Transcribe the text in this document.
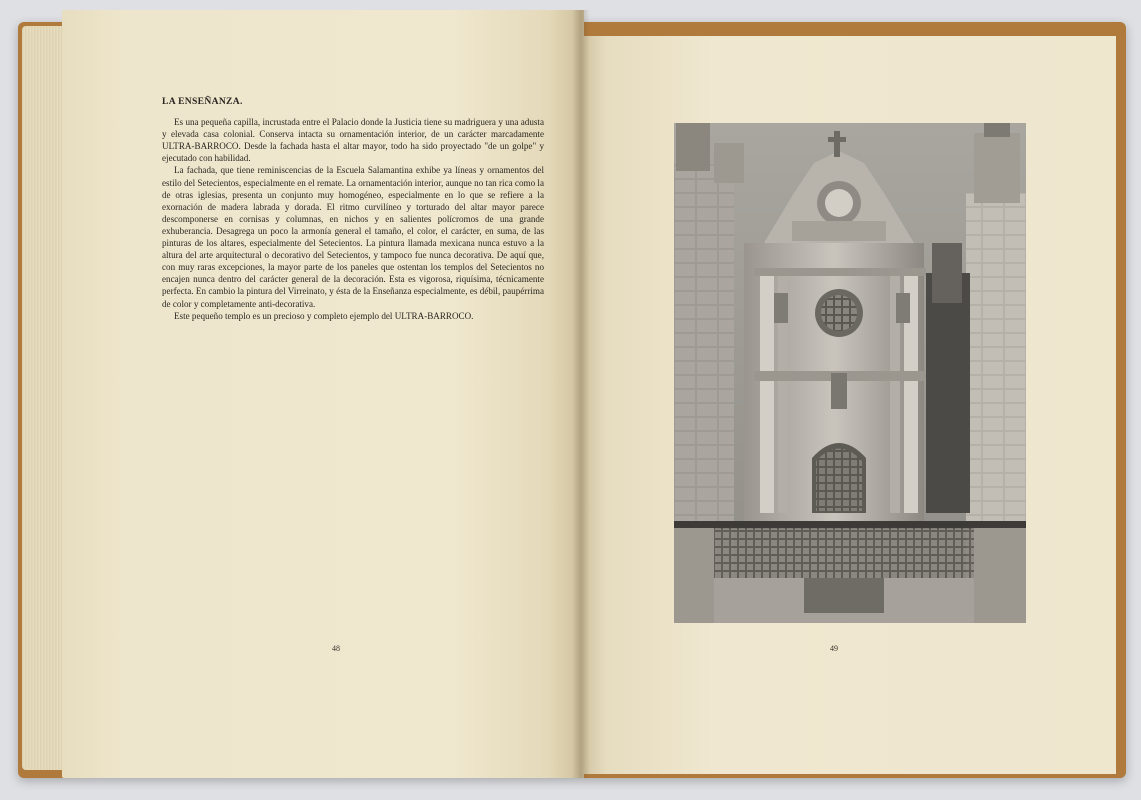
LA ENSEÑANZA.

Es una pequeña capilla, incrustada entre el Palacio donde la Justicia tiene su madriguera y una adusta y elevada casa colonial. Conserva intacta su ornamentación interior, de un carácter marcadamente ULTRA-BARROCO. Desde la fachada hasta el altar mayor, todo ha sido proyectado "de un golpe" y ejecutado con habilidad.

La fachada, que tiene reminiscencias de la Escuela Salamantina exhibe ya líneas y ornamentos del estilo del Setecientos, especialmente en el remate. La ornamentación interior, aunque no tan rica como la de otras iglesias, presenta un conjunto muy homogéneo, especialmente en lo que se refiere a la exornación de madera labrada y dorada. El ritmo curvilíneo y torturado del altar mayor parece descomponerse en cornisas y columnas, en nichos y en salientes polícromos de una grande exhuberancia. Desagrega un poco la armonía general el tamaño, el color, el carácter, en suma, de las pinturas de los altares, especialmente del Setecientos. La pintura llamada mexicana nunca estuvo a la altura del arte arquitectural o decorativo del Setecientos, y tampoco fue nunca decorativa. De aquí que, con muy raras excepciones, la mayor parte de los paneles que ostentan los templos del Setecientos no encajen nunca dentro del carácter general de la decoración. Esta es vigorosa, riquísima, técnicamente perfecta. En cambio la pintura del Virreinato, y ésta de la Enseñanza especialmente, es débil, paupérrima de color y completamente anti-decorativa.

Este pequeño templo es un precioso y completo ejemplo del ULTRA-BARROCO.

48	49
